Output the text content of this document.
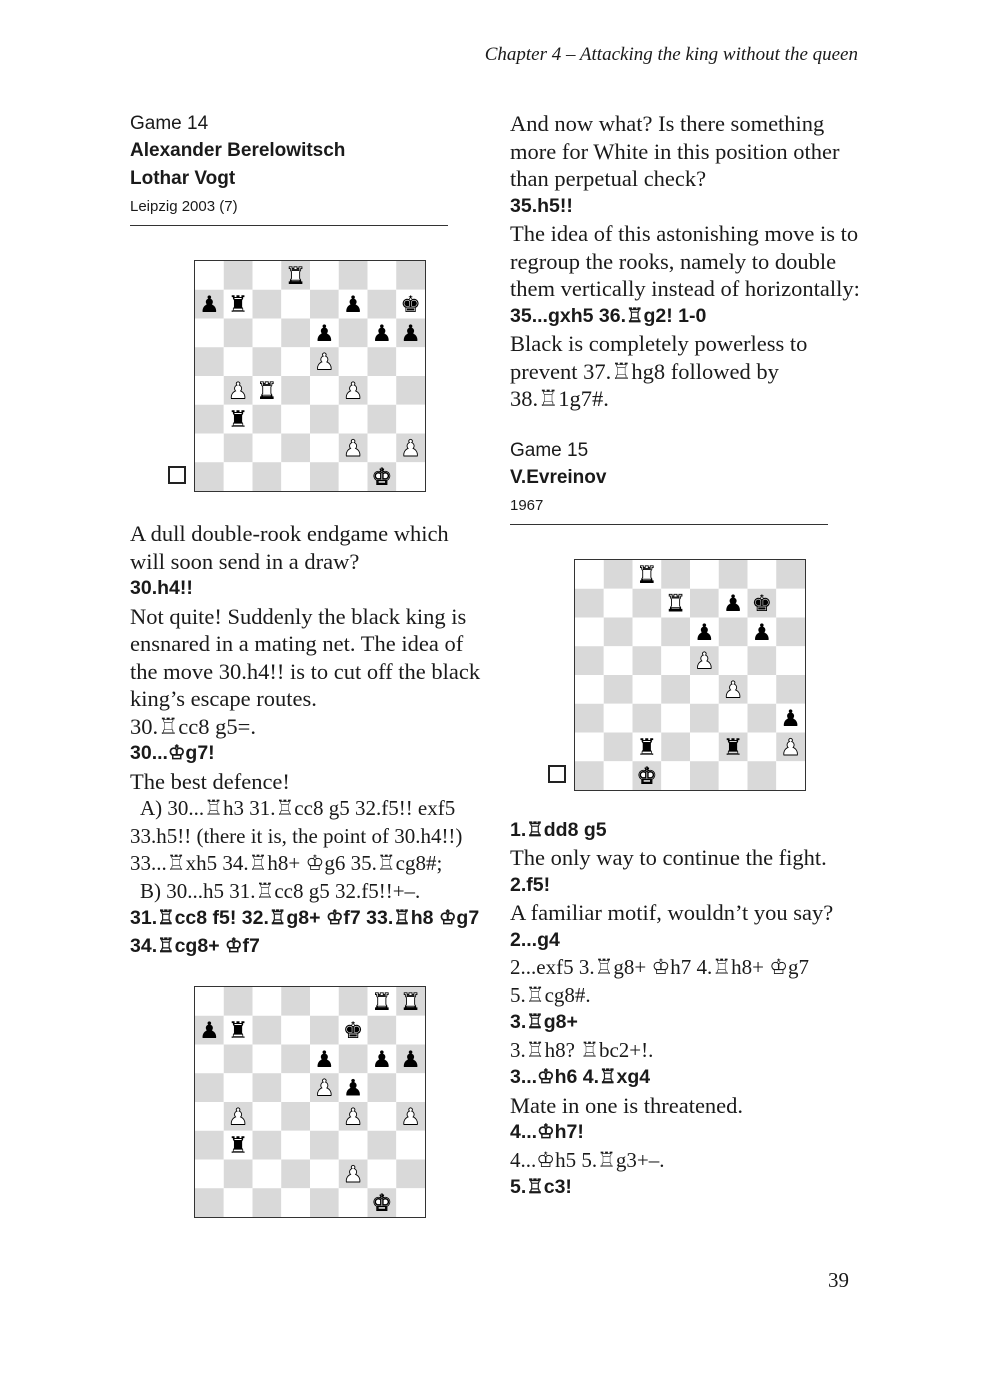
Chapter 4 – Attacking the king without the queen
Game 14
Alexander Berelowitsch
Lothar Vogt
Leipzig 2003 (7)
♜
♟ ♜	♟ ♚
♟ ♟ ♟
♟
♟ ♜	♟
♜
♟ ♟
♚

A dull double-rook endgame which will soon send in a draw?

30.h4!!

Not quite! Suddenly the black king is ensnared in a mating net. The idea of the move 30.h4!! is to cut off the black king’s escape routes.

30.♖cc8 g5=.

30...♔g7!

The best defence!

A) 30...♖h3 31.♖cc8 g5 32.f5!! exf5

33.h5!! (there it is, the point of 30.h4!!)

33...♖xh5 34.♖h8+ ♔g6 35.♖cg8#;

B) 30...h5 31.♖cc8 g5 32.f5!!+–.

31.♖cc8 f5! 32.♖g8+ ♔f7 33.♖h8 ♔g7 34.♖cg8+ ♔f7

♜ ♜
♟ ♜	♚
♟ ♟ ♟
♟ ♟
♟	♟ ♟
♜
♟
♚

And now what? Is there something more for White in this position other than perpetual check?

35.h5!!

The idea of this astonishing move is to regroup the rooks, namely to double them vertically instead of horizontally:

35...gxh5 36.♖g2! 1-0

Black is completely powerless to prevent 37.♖hg8 followed by 38.♖1g7#.

Game 15
V.Evreinov
1967
♜
♜ ♟ ♚
♟ ♟
♟
♟
♟
♜	♜ ♟
♚

1.♖dd8 g5

The only way to continue the fight.

2.f5!

A familiar motif, wouldn’t you say?

2...g4

2...exf5 3.♖g8+ ♔h7 4.♖h8+ ♔g7

5.♖cg8#.

3.♖g8+

3.♖h8? ♖bc2+!.

3...♔h6 4.♖xg4

Mate in one is threatened.

4...♔h7!

4...♔h5 5.♖g3+–.

5.♖c3!

39
